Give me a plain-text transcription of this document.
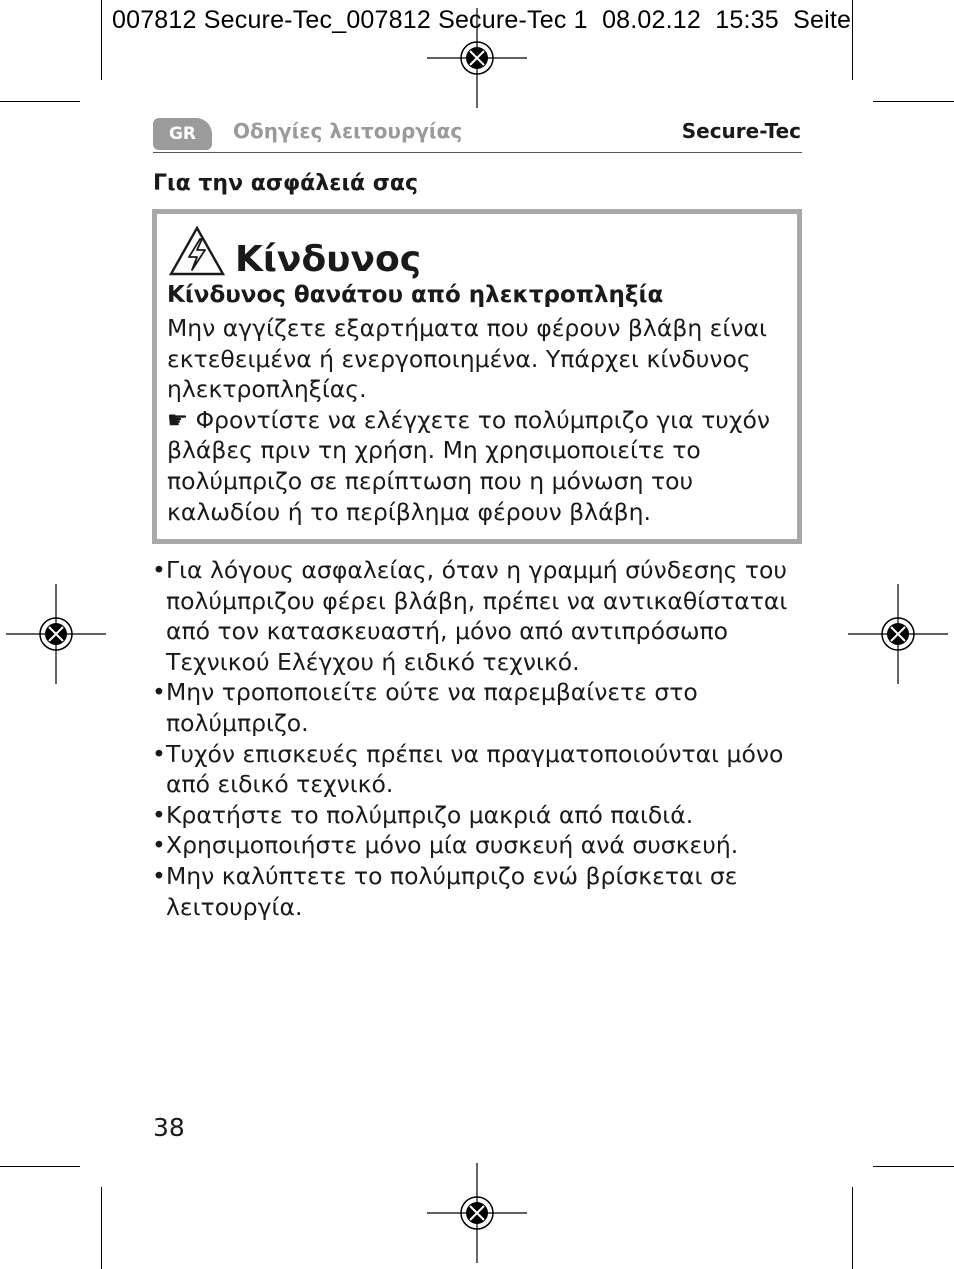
007812 Secure-Tec_007812 Secure-Tec 1  08.02.12  15:35  Seite
GR	Οδηγίες λειτουργίας	Secure-Tec
Για την ασφάλειά σας
Κίνδυνος
Κίνδυνος θανάτου από ηλεκτροπληξία

Μην αγγίζετε εξαρτήματα που φέρουν βλάβη είναι εκτεθειμένα ή ενεργοποιημένα. Υπάρχει κίνδυνος ηλεκτροπληξίας.

☛ Φροντίστε να ελέγχετε το πολύμπριζο για τυχόν βλάβες πριν τη χρήση. Μη χρησιμοποιείτε το πολύμπριζο σε περίπτωση που η μόνωση του καλωδίου ή το περίβλημα φέρουν βλάβη.

• Για λόγους ασφαλείας, όταν η γραμμή σύνδεσης του πολύμπριζου φέρει βλάβη, πρέπει να αντικαθίσταται από τον κατασκευαστή, μόνο από αντιπρόσωπο Τεχνικού Ελέγχου ή ειδικό τεχνικό.
• Μην τροποποιείτε ούτε να παρεμβαίνετε στο πολύμπριζο.
• Τυχόν επισκευές πρέπει να πραγματοποιούνται μόνο από ειδικό τεχνικό.
• Κρατήστε το πολύμπριζο μακριά από παιδιά.
• Χρησιμοποιήστε μόνο μία συσκευή ανά συσκευή.
• Μην καλύπτετε το πολύμπριζο ενώ βρίσκεται σε λειτουργία.
38
